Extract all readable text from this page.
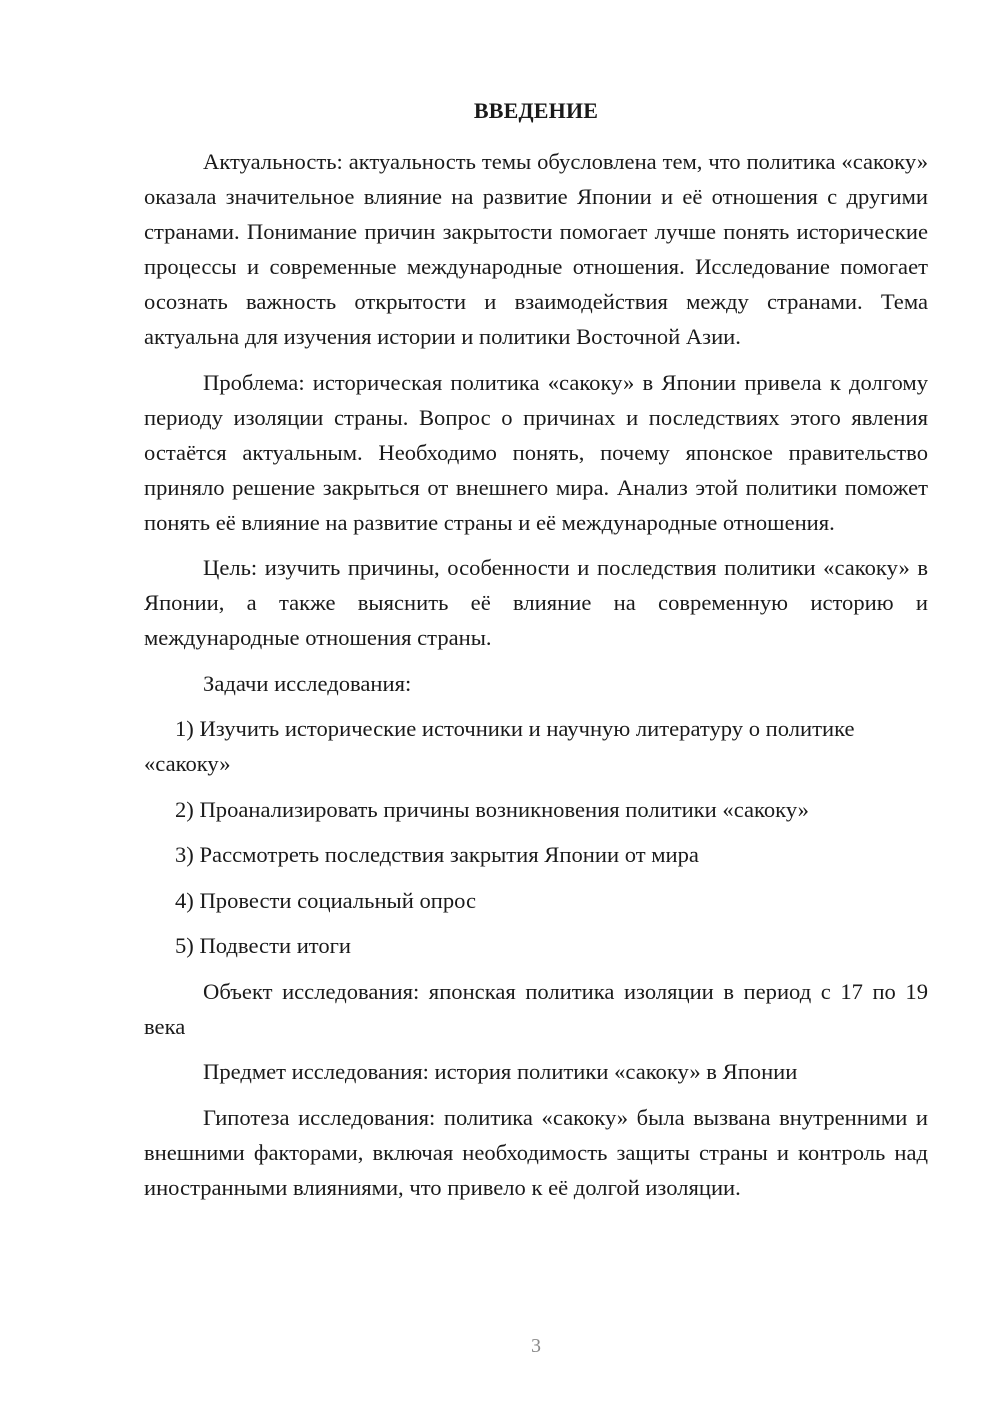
ВВЕДЕНИЕ

Актуальность: актуальность темы обусловлена тем, что политика «сакоку» оказала значительное влияние на развитие Японии и её отношения с другими странами. Понимание причин закрытости помогает лучше понять исторические процессы и современные международные отношения. Исследование помогает осознать важность открытости и взаимодействия между странами. Тема актуальна для изучения истории и политики Восточной Азии.

Проблема: историческая политика «сакоку» в Японии привела к долгому периоду изоляции страны. Вопрос о причинах и последствиях этого явления остаётся актуальным. Необходимо понять, почему японское правительство приняло решение закрыться от внешнего мира. Анализ этой политики поможет понять её влияние на развитие страны и её международные отношения.

Цель: изучить причины, особенности и последствия политики «сакоку» в Японии, а также выяснить её влияние на современную историю и международные отношения страны.

Задачи исследования:

1) Изучить исторические источники и научную литературу о политике «сакоку»

2) Проанализировать причины возникновения политики «сакоку»

3) Рассмотреть последствия закрытия Японии от мира

4) Провести социальный опрос

5) Подвести итоги

Объект исследования: японская политика изоляции в период с 17 по 19 века

Предмет исследования: история политики «сакоку» в Японии

Гипотеза исследования: политика «сакоку» была вызвана внутренними и внешними факторами, включая необходимость защиты страны и контроль над иностранными влияниями, что привело к её долгой изоляции.

3
